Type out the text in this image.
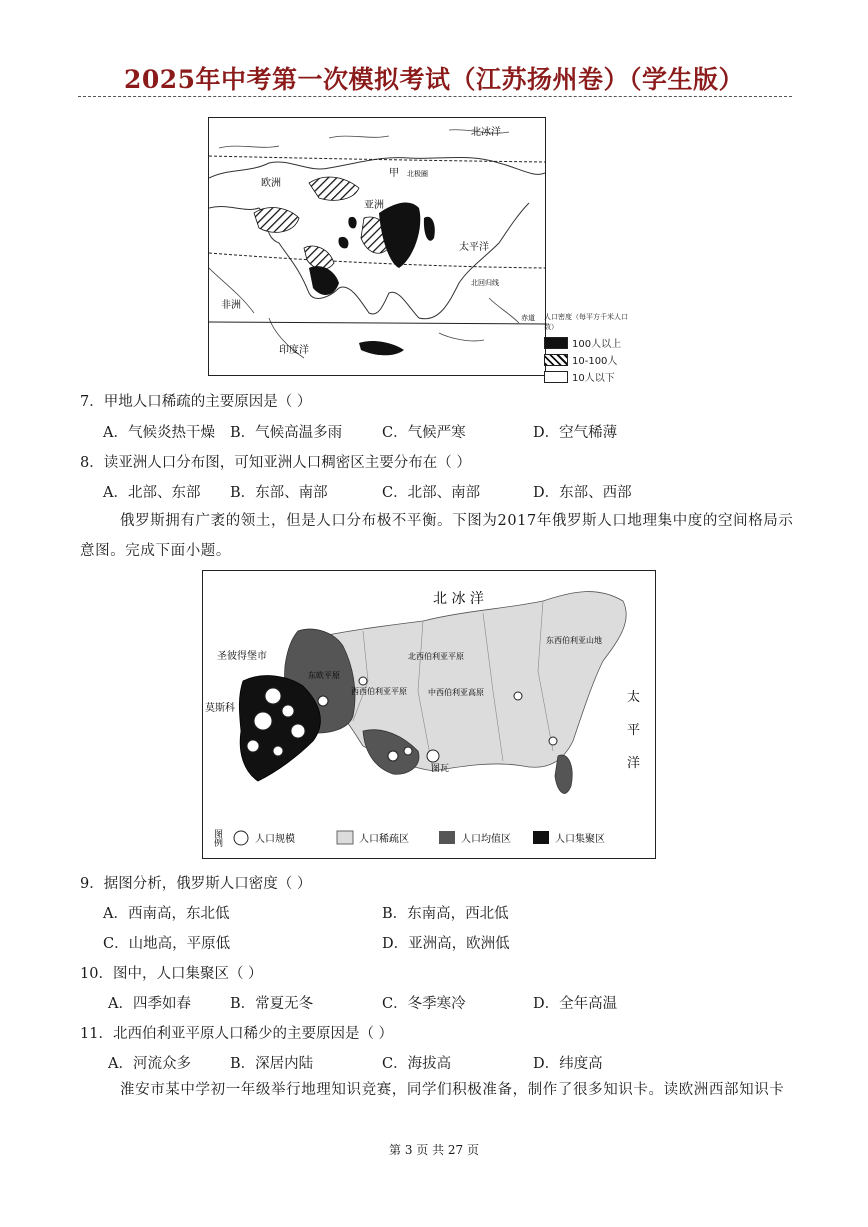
2025年中考第一次模拟考试（江苏扬州卷）（学生版）
北冰洋
欧洲
甲 北极圈
亚洲
太平洋
北回归线
非洲
赤道
印度洋
人口密度（每平方千米人口数）
100人以上
10-100人
10人以下
7．甲地人口稀疏的主要原因是（ ）
A．气候炎热干燥 B．气候高温多雨	C．气候严寒	D．空气稀薄
8．读亚洲人口分布图，可知亚洲人口稠密区主要分布在（ ）
A．北部、东部 B．东部、南部	C．北部、南部	D．东部、西部
俄罗斯拥有广袤的领土，但是人口分布极不平衡。下图为2017年俄罗斯人口地理集中度的空间格局示意图。完成下面小题。
北 冰 洋
圣彼得堡市
莫斯科
东欧平原
北西伯利亚平原
西西伯利亚平原	中西伯利亚高原
东西伯利亚山地
图瓦
太
平
洋
图例	人口规模	人口稀疏区	人口均值区	人口集聚区
9．据图分析，俄罗斯人口密度（ ）
A．西南高，东北低	B．东南高，西北低
C．山地高，平原低	D．亚洲高，欧洲低
10．图中，人口集聚区（ ）
A．四季如春	B．常夏无冬	C．冬季寒冷	D．全年高温
11．北西伯利亚平原人口稀少的主要原因是（ ）
A．河流众多	B．深居内陆	C．海拔高	D．纬度高
淮安市某中学初一年级举行地理知识竞赛，同学们积极准备，制作了很多知识卡。读欧洲西部知识卡
第 3 页 共 27 页
